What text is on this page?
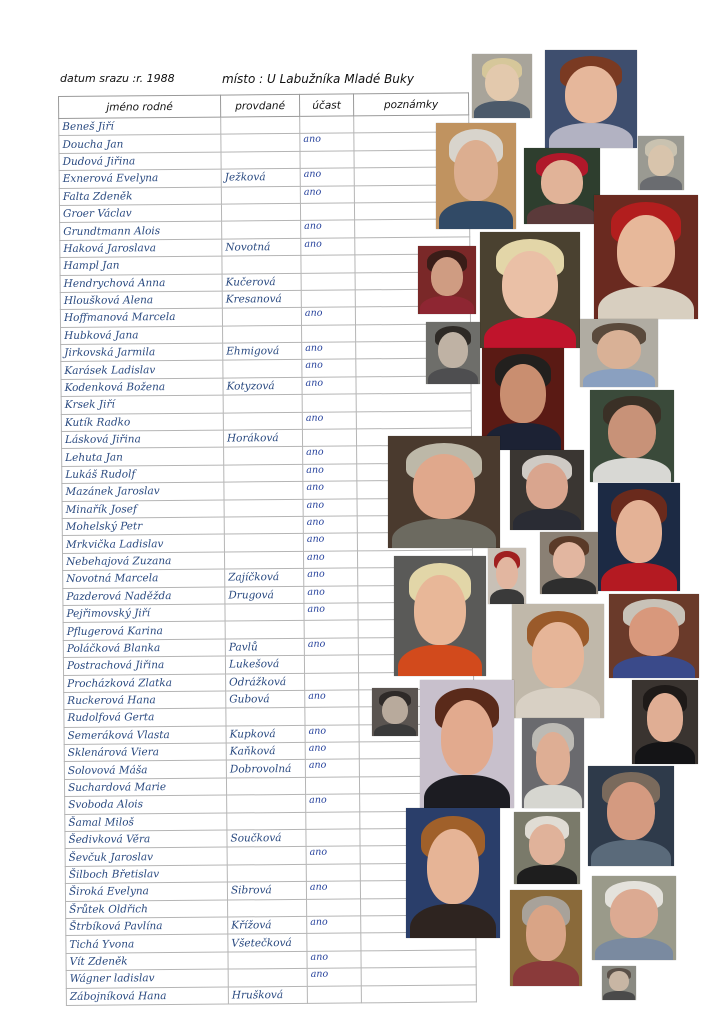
datum srazu :r. 1988	místo : U Labužníka Mladé Buky
jméno rodné	provdané	účast	poznámky
Beneš Jiří			
Doucha Jan		ano	
Dudová Jiřina			
Exnerová Evelyna	Ježková	ano	
Falta Zdeněk		ano	
Groer Václav			
Grundtmann Alois		ano	
Haková Jaroslava	Novotná	ano	
Hampl Jan			
Hendrychová Anna	Kučerová		
Hloušková Alena	Kresanová		
Hoffmanová Marcela		ano	
Hubková Jana			
Jirkovská Jarmila	Ehmigová	ano	
Karásek Ladislav		ano	
Kodenková Božena	Kotyzová	ano	
Krsek Jiří			
Kutík Radko		ano	
Lásková Jiřina	Horáková		
Lehuta Jan		ano	
Lukáš Rudolf		ano	
Mazánek Jaroslav		ano	
Minařík Josef		ano	
Mohelský Petr		ano	
Mrkvička Ladislav		ano	
Nebehajová Zuzana		ano	
Novotná Marcela	Zajíčková	ano	
Pazderová Naděžda	Drugová	ano	
Pejřimovský Jiří		ano	
Pflugerová Karina			
Poláčková Blanka	Pavlů	ano	
Postrachová Jiřina	Lukešová		
Procházková Zlatka	Odrážková		
Ruckerová Hana	Gubová	ano	
Rudolfová Gerta			
Semeráková Vlasta	Kupková	ano	
Sklenárová Viera	Kaňková	ano	
Solovová Máša	Dobrovolná	ano	
Suchardová Marie			
Svoboda Alois		ano	
Šamal Miloš			
Šedivková Věra	Součková		
Ševčuk Jaroslav		ano	
Šilboch Břetislav			
Široká Evelyna	Sibrová	ano	
Šrůtek Oldřich			
Štrbíková Pavlína	Křížová	ano	
Tichá Yvona	Všetečková		
Vít Zdeněk		ano	
Wágner ladislav		ano	
Zábojníková Hana	Hrušková		
